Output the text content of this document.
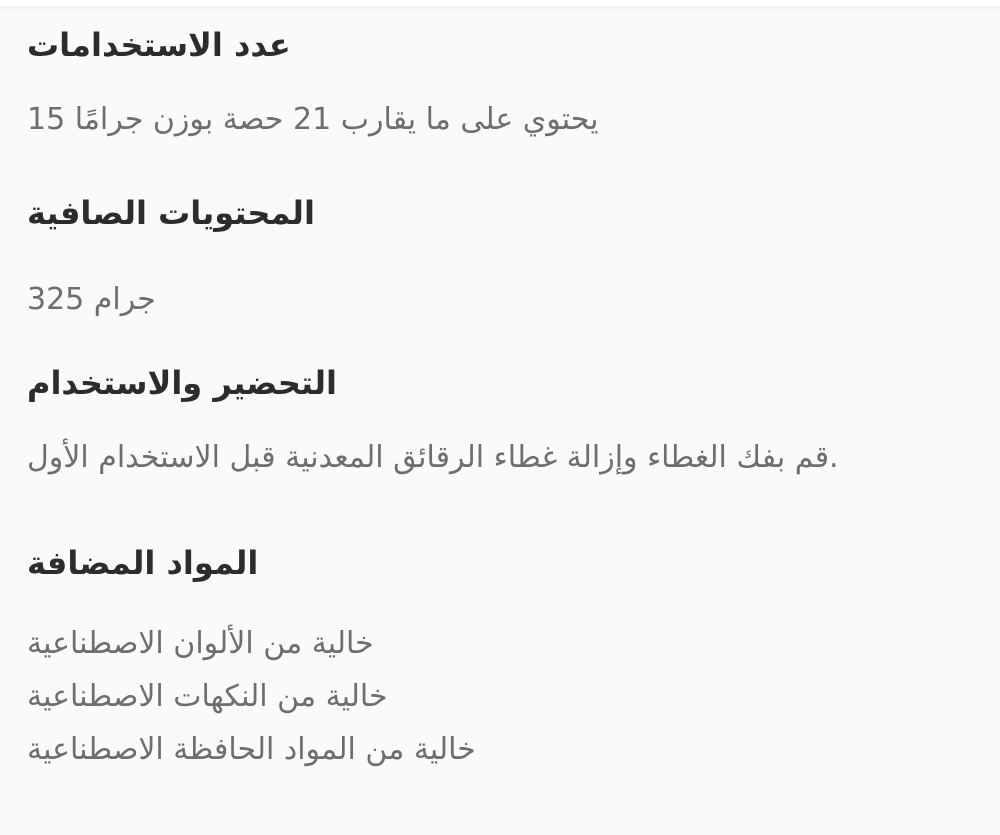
عدد الاستخدامات

يحتوي على ما يقارب 21 حصة بوزن جرامًا 15

المحتويات الصافية

جرام 325

التحضير والاستخدام

.قم بفك الغطاء وإزالة غطاء الرقائق المعدنية قبل الاستخدام الأول

المواد المضافة
خالية من الألوان الاصطناعية
خالية من النكهات الاصطناعية
خالية من المواد الحافظة الاصطناعية
